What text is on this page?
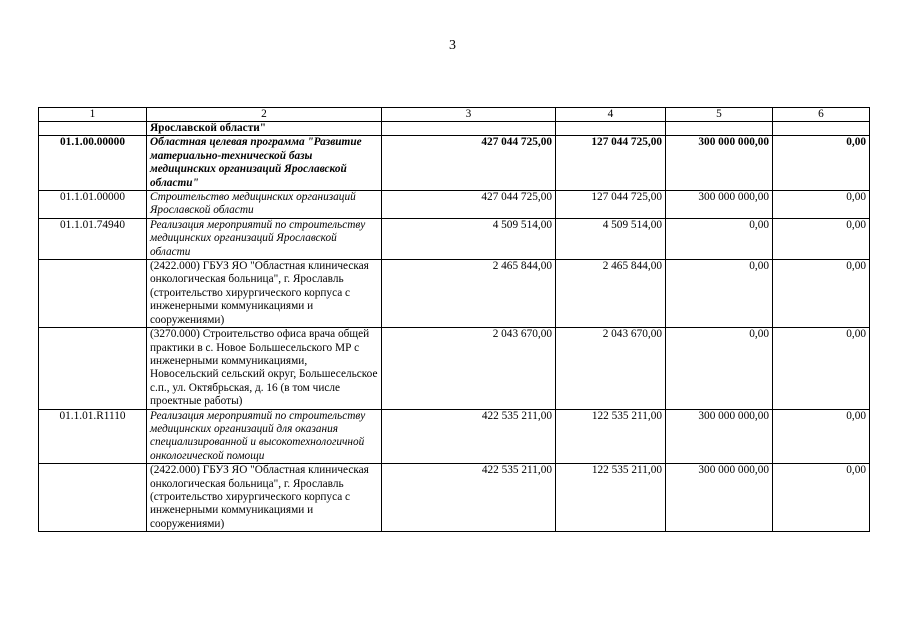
3
1	2	3	4	5	6
	Ярославской области"				
01.1.00.00000	Областная целевая программа "Развитие материально-технической базы медицинских организаций Ярославской области"	427 044 725,00	127 044 725,00	300 000 000,00	0,00
01.1.01.00000	Строительство медицинских организаций Ярославской области	427 044 725,00	127 044 725,00	300 000 000,00	0,00
01.1.01.74940	Реализация мероприятий по строительству медицинских организаций Ярославской области	4 509 514,00	4 509 514,00	0,00	0,00
	(2422.000) ГБУЗ ЯО "Областная клиническая онкологическая больница", г. Ярославль (строительство хирургического корпуса с инженерными коммуникациями и сооружениями)	2 465 844,00	2 465 844,00	0,00	0,00
	(3270.000) Строительство офиса врача общей практики в с. Новое Большесельского МР с инженерными коммуникациями, Новосельский сельский округ, Большесельское с.п., ул. Октябрьская, д. 16 (в том числе проектные работы)	2 043 670,00	2 043 670,00	0,00	0,00
01.1.01.R1110	Реализация мероприятий по строительству медицинских организаций для оказания специализированной и высокотехнологичной онкологической помощи	422 535 211,00	122 535 211,00	300 000 000,00	0,00
	(2422.000) ГБУЗ ЯО "Областная клиническая онкологическая больница", г. Ярославль (строительство хирургического корпуса с инженерными коммуникациями и сооружениями)	422 535 211,00	122 535 211,00	300 000 000,00	0,00
